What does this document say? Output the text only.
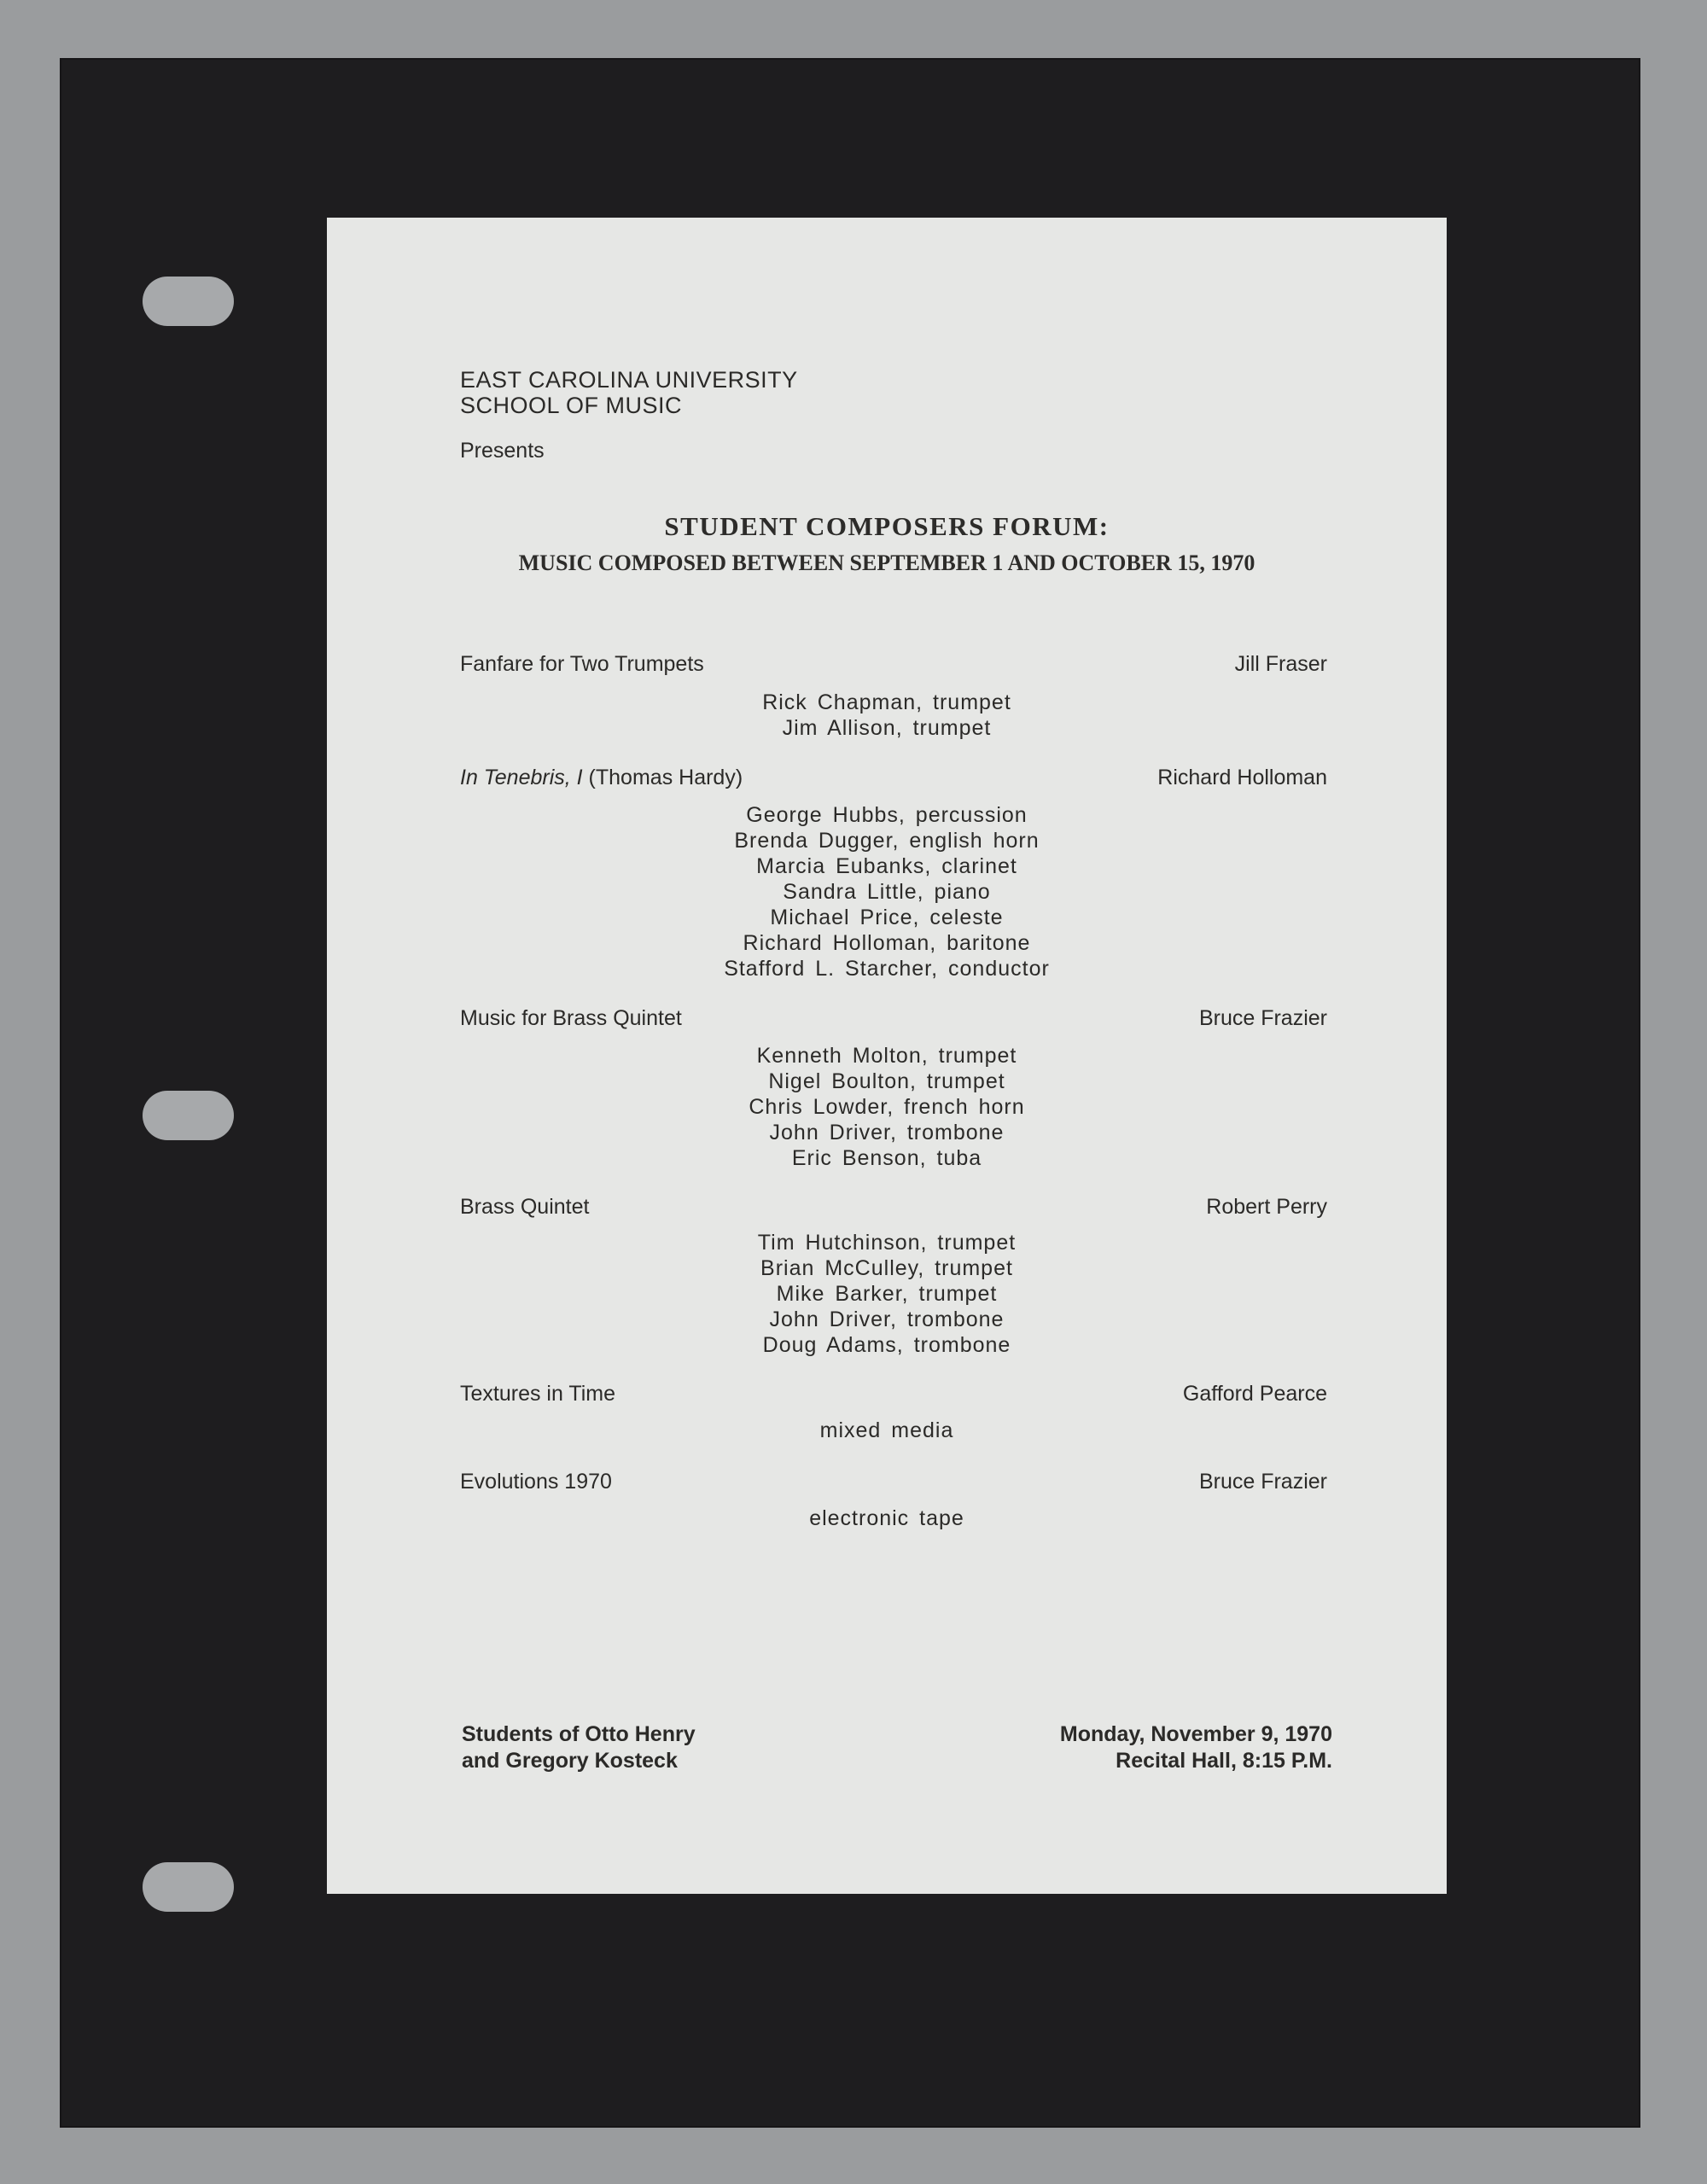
EAST CAROLINA UNIVERSITY
SCHOOL OF MUSIC
Presents
STUDENT COMPOSERS FORUM:
MUSIC COMPOSED BETWEEN SEPTEMBER 1 AND OCTOBER 15, 1970
Fanfare for Two Trumpets	Jill Fraser
Rick Chapman, trumpet
Jim Allison, trumpet
In Tenebris, I (Thomas Hardy)	Richard Holloman
George Hubbs, percussion
Brenda Dugger, english horn
Marcia Eubanks, clarinet
Sandra Little, piano
Michael Price, celeste
Richard Holloman, baritone
Stafford L. Starcher, conductor
Music for Brass Quintet	Bruce Frazier
Kenneth Molton, trumpet
Nigel Boulton, trumpet
Chris Lowder, french horn
John Driver, trombone
Eric Benson, tuba
Brass Quintet	Robert Perry
Tim Hutchinson, trumpet
Brian McCulley, trumpet
Mike Barker, trumpet
John Driver, trombone
Doug Adams, trombone
Textures in Time	Gafford Pearce
mixed media
Evolutions 1970	Bruce Frazier
electronic tape
Students of Otto Henry
and Gregory Kosteck
Monday, November 9, 1970
Recital Hall, 8:15 P.M.
